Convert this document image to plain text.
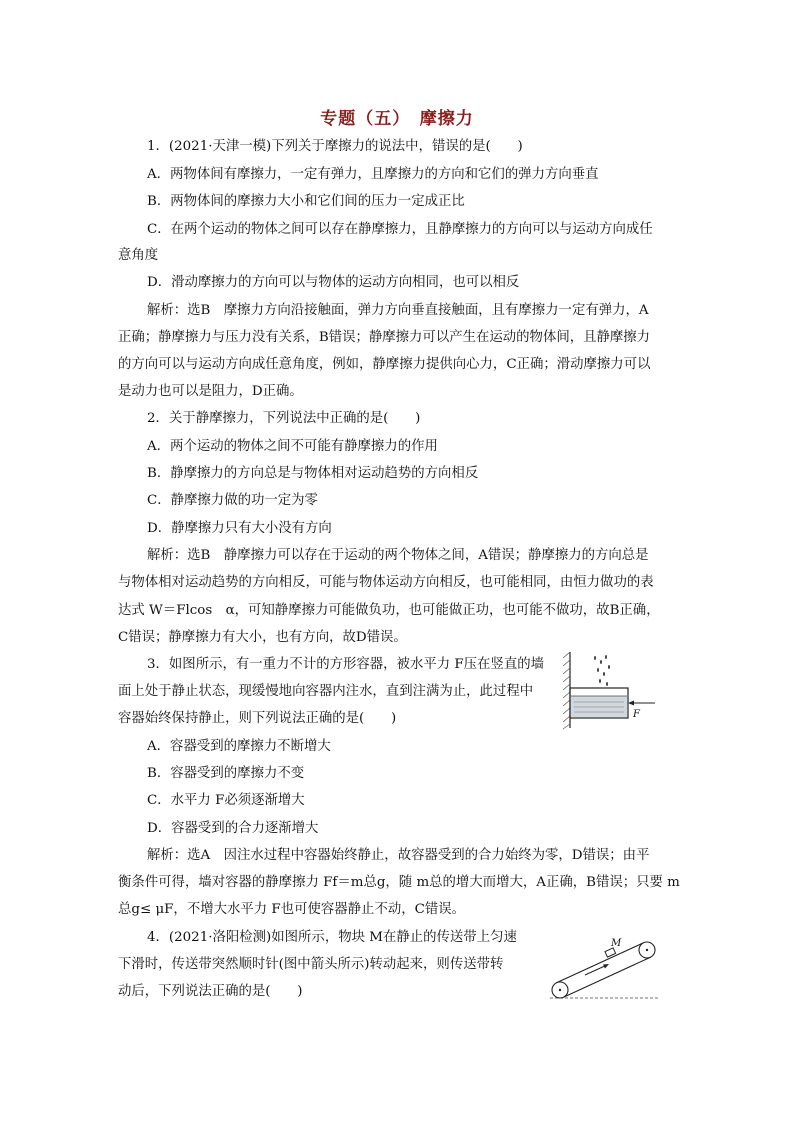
专题（五）　摩擦力
1．(2021·天津一模)下列关于摩擦力的说法中，错误的是(　　)
A．两物体间有摩擦力，一定有弹力，且摩擦力的方向和它们的弹力方向垂直
B．两物体间的摩擦力大小和它们间的压力一定成正比
C．在两个运动的物体之间可以存在静摩擦力，且静摩擦力的方向可以与运动方向成任
意角度
D．滑动摩擦力的方向可以与物体的运动方向相同，也可以相反
解析：选B　摩擦力方向沿接触面，弹力方向垂直接触面，且有摩擦力一定有弹力，A
正确；静摩擦力与压力没有关系，B错误；静摩擦力可以产生在运动的物体间，且静摩擦力
的方向可以与运动方向成任意角度，例如，静摩擦力提供向心力，C正确；滑动摩擦力可以
是动力也可以是阻力，D正确。
2．关于静摩擦力，下列说法中正确的是(　　)
A．两个运动的物体之间不可能有静摩擦力的作用
B．静摩擦力的方向总是与物体相对运动趋势的方向相反
C．静摩擦力做的功一定为零
D．静摩擦力只有大小没有方向
解析：选B　静摩擦力可以存在于运动的两个物体之间，A错误；静摩擦力的方向总是
与物体相对运动趋势的方向相反，可能与物体运动方向相反，也可能相同，由恒力做功的表
达式 W＝Flcos　α，可知静摩擦力可能做负功，也可能做正功，也可能不做功，故B正确，
C错误；静摩擦力有大小，也有方向，故D错误。
3．如图所示，有一重力不计的方形容器，被水平力 F压在竖直的墙
面上处于静止状态，现缓慢地向容器内注水，直到注满为止，此过程中
容器始终保持静止，则下列说法正确的是(　　)
A．容器受到的摩擦力不断增大
B．容器受到的摩擦力不变
C．水平力 F必须逐渐增大
D．容器受到的合力逐渐增大
解析：选A　因注水过程中容器始终静止，故容器受到的合力始终为零，D错误；由平
衡条件可得，墙对容器的静摩擦力 Ff＝m总g，随 m总的增大而增大，A正确，B错误；只要 m
总g≤ μF，不增大水平力 F也可使容器静止不动，C错误。
F
4．(2021·洛阳检测)如图所示，物块 M在静止的传送带上匀速
下滑时，传送带突然顺时针(图中箭头所示)转动起来，则传送带转
动后，下列说法正确的是(　　)
M
